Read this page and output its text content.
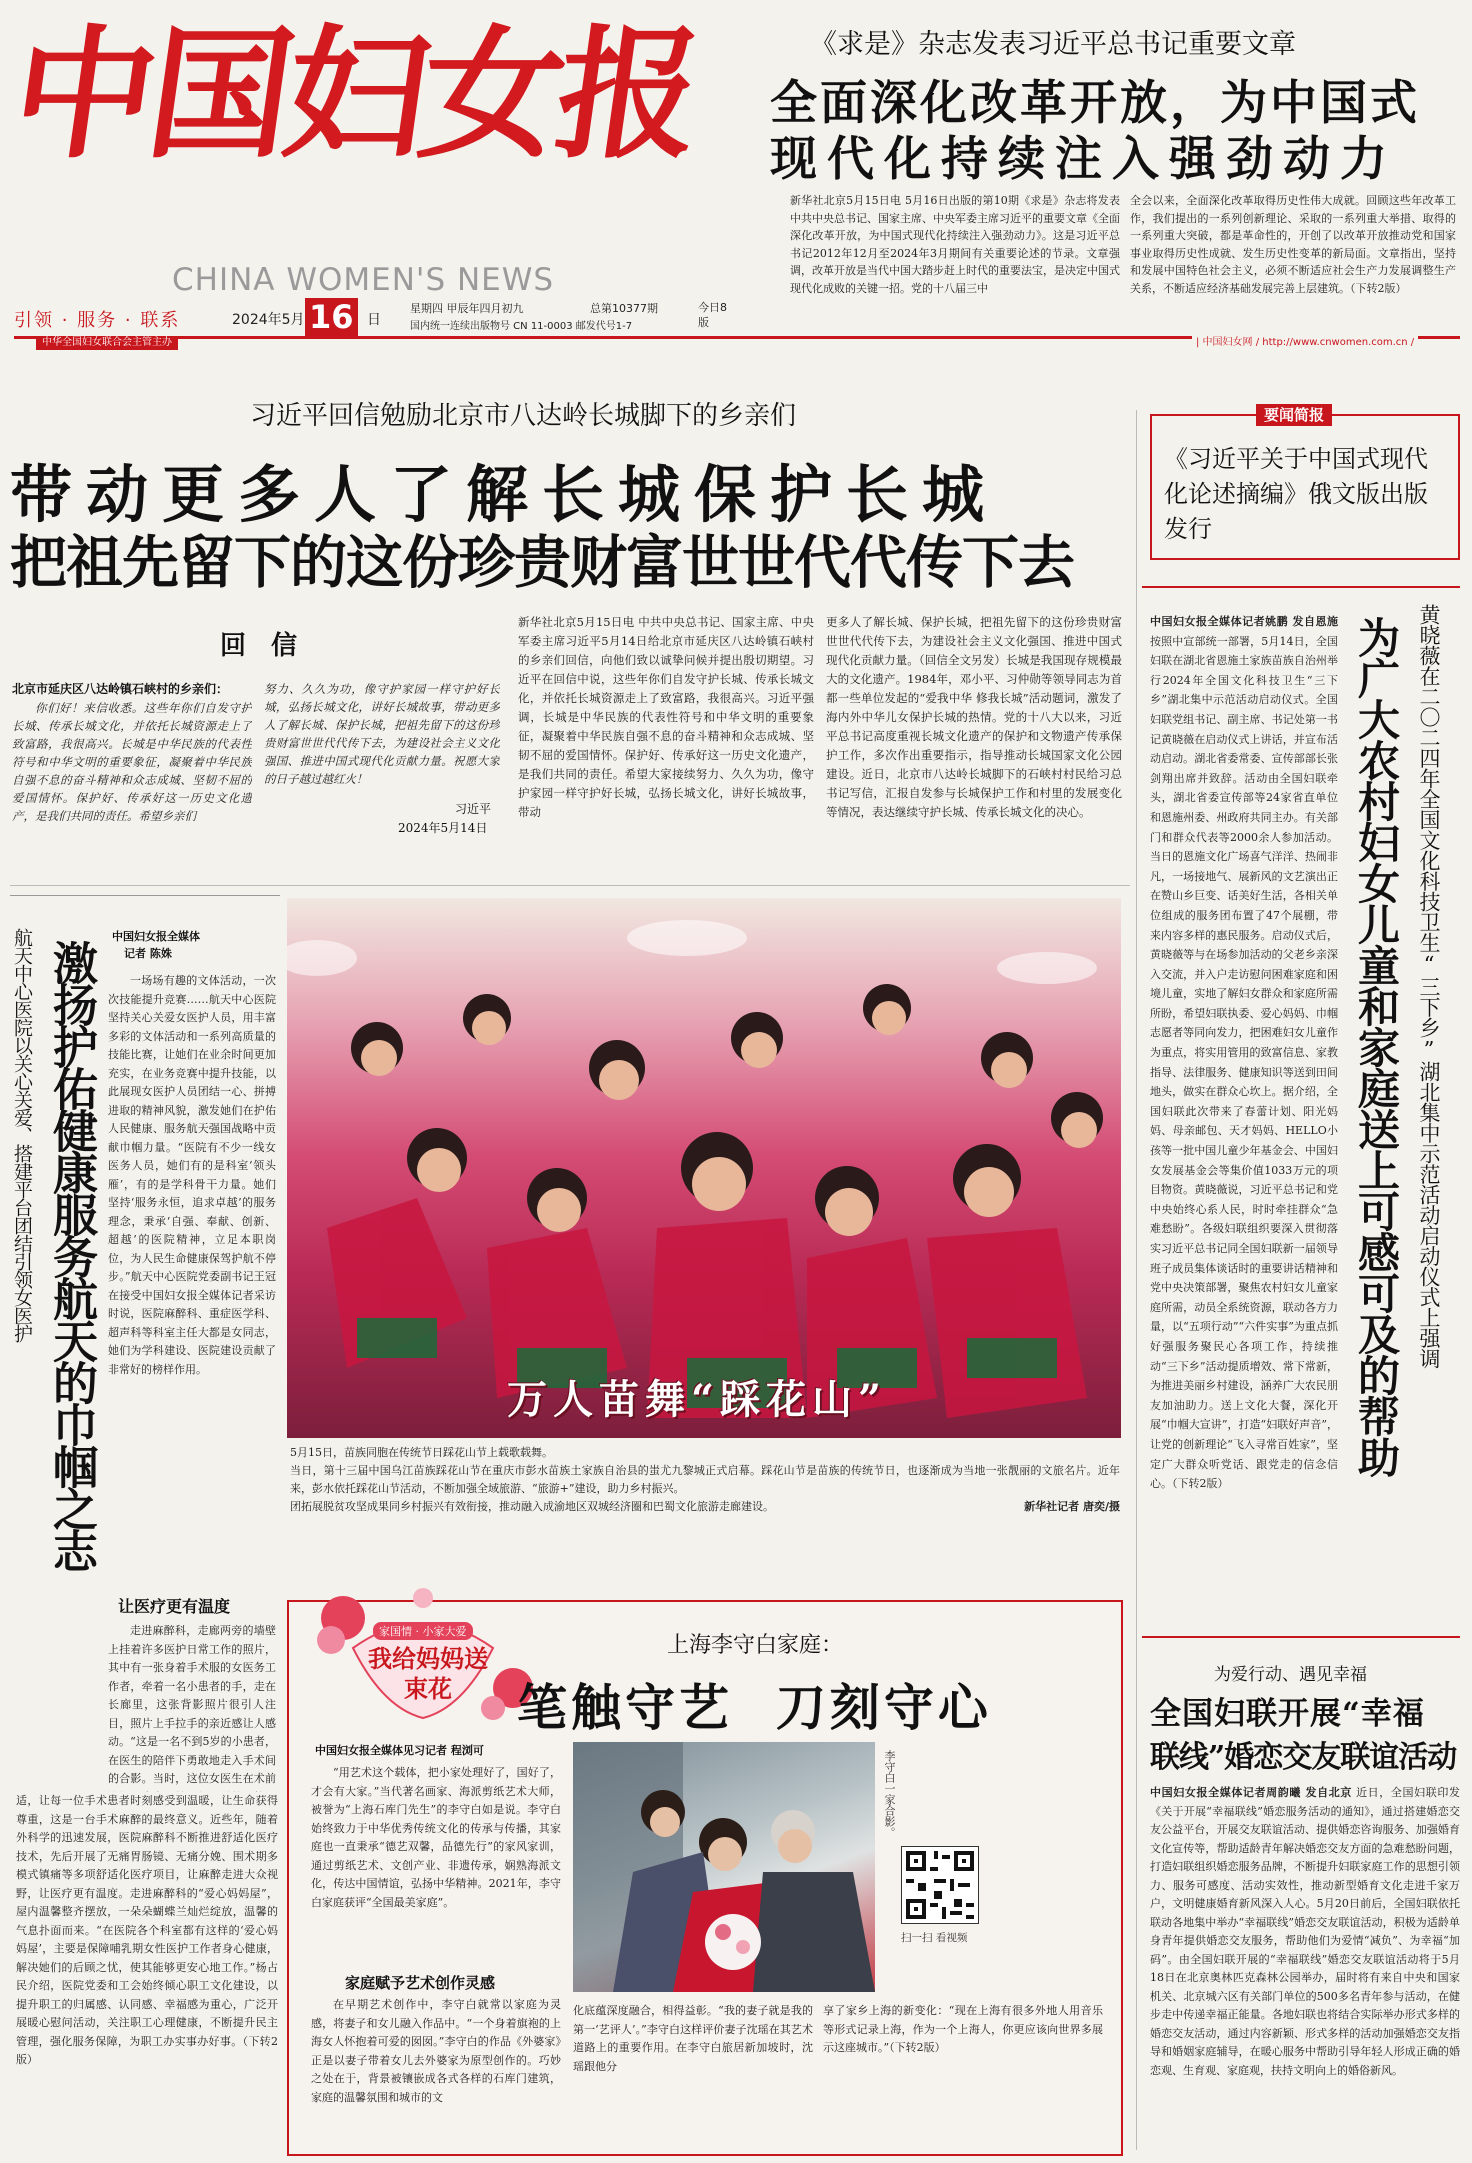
中国妇女报
CHINA WOMEN'S NEWS
引领 · 服务 · 联系	2024年5月 16 日
星期四 甲辰年四月初九	总第10377期
国内统一连续出版物号 CN 11-0003 邮发代号1-7
今日8版
中华全国妇女联合会主管主办	| 中国妇女网 / http://www.cnwomen.com.cn /
《求是》杂志发表习近平总书记重要文章
全面深化改革开放，为中国式
现代化持续注入强劲动力
新华社北京5月15日电 5月16日出版的第10期《求是》杂志将发表中共中央总书记、国家主席、中央军委主席习近平的重要文章《全面深化改革开放，为中国式现代化持续注入强劲动力》。这是习近平总书记2012年12月至2024年3月期间有关重要论述的节录。文章强调，改革开放是当代中国大踏步赶上时代的重要法宝，是决定中国式现代化成败的关键一招。党的十八届三中
全会以来，全面深化改革取得历史性伟大成就。回顾这些年改革工作，我们提出的一系列创新理论、采取的一系列重大举措、取得的一系列重大突破，都是革命性的，开创了以改革开放推动党和国家事业取得历史性成就、发生历史性变革的新局面。文章指出，坚持和发展中国特色社会主义，必须不断适应社会生产力发展调整生产关系，不断适应经济基础发展完善上层建筑。（下转2版）
习近平回信勉励北京市八达岭长城脚下的乡亲们
带动更多人了解长城保护长城
把祖先留下的这份珍贵财富世世代代传下去
回 信
北京市延庆区八达岭镇石峡村的乡亲们：
你们好！来信收悉。这些年你们自发守护长城、传承长城文化，并依托长城资源走上了致富路，我很高兴。长城是中华民族的代表性符号和中华文明的重要象征，凝聚着中华民族自强不息的奋斗精神和众志成城、坚韧不屈的爱国情怀。保护好、传承好这一历史文化遗产，是我们共同的责任。希望乡亲们
努力、久久为功，像守护家园一样守护好长城，弘扬长城文化，讲好长城故事，带动更多人了解长城、保护长城，把祖先留下的这份珍贵财富世世代代传下去，为建设社会主义文化强国、推进中国式现代化贡献力量。祝愿大家的日子越过越红火！
习近平
2024年5月14日
新华社北京5月15日电 中共中央总书记、国家主席、中央军委主席习近平5月14日给北京市延庆区八达岭镇石峡村的乡亲们回信，向他们致以诚挚问候并提出殷切期望。习近平在回信中说，这些年你们自发守护长城、传承长城文化，并依托长城资源走上了致富路，我很高兴。习近平强调，长城是中华民族的代表性符号和中华文明的重要象征，凝聚着中华民族自强不息的奋斗精神和众志成城、坚韧不屈的爱国情怀。保护好、传承好这一历史文化遗产，是我们共同的责任。希望大家接续努力、久久为功，像守护家园一样守护好长城，弘扬长城文化，讲好长城故事，带动
更多人了解长城、保护长城，把祖先留下的这份珍贵财富世世代代传下去，为建设社会主义文化强国、推进中国式现代化贡献力量。（回信全文另发）长城是我国现存规模最大的文化遗产。1984年，邓小平、习仲勋等领导同志为首都一些单位发起的“爱我中华 修我长城”活动题词，激发了海内外中华儿女保护长城的热情。党的十八大以来，习近平总书记高度重视长城文化遗产的保护和文物遗产传承保护工作，多次作出重要指示，指导推动长城国家文化公园建设。近日，北京市八达岭长城脚下的石峡村村民给习总书记写信，汇报自发参与长城保护工作和村里的发展变化等情况，表达继续守护长城、传承长城文化的决心。
要闻简报
《习近平关于中国式现代化论述摘编》俄文版出版发行
中国妇女报全媒体记者姚鹏 发自恩施 按照中宣部统一部署，5月14日，全国妇联在湖北省恩施土家族苗族自治州举行2024年全国文化科技卫生“三下乡”湖北集中示范活动启动仪式。全国妇联党组书记、副主席、书记处第一书记黄晓薇在启动仪式上讲话，并宣布活动启动。湖北省委常委、宣传部部长张剑翔出席并致辞。活动由全国妇联牵头，湖北省委宣传部等24家省直单位和恩施州委、州政府共同主办。有关部门和群众代表等2000余人参加活动。当日的恩施文化广场喜气洋洋、热闹非凡，一场接地气、展新风的文艺演出正在赞山乡巨变、话美好生活，各相关单位组成的服务团布置了47个展棚，带来内容多样的惠民服务。启动仪式后，黄晓薇等与在场参加活动的父老乡亲深入交流，并入户走访慰问困难家庭和困境儿童，实地了解妇女群众和家庭所需所盼，希望妇联执委、爱心妈妈、巾帼志愿者等同向发力，把困难妇女儿童作为重点，将实用管用的致富信息、家教指导、法律服务、健康知识等送到田间地头，做实在群众心坎上。据介绍，全国妇联此次带来了春蕾计划、阳光妈妈、母亲邮包、天才妈妈、HELLO小孩等一批中国儿童少年基金会、中国妇女发展基金会等集价值1033万元的项目物资。黄晓薇说，习近平总书记和党中央始终心系人民，时时牵挂群众“急难愁盼”。各级妇联组织要深入贯彻落实习近平总书记同全国妇联新一届领导班子成员集体谈话时的重要讲话精神和党中央决策部署，聚焦农村妇女儿童家庭所需，动员全系统资源，联动各方力量，以“五项行动”“六件实事”为重点抓好强服务聚民心各项工作，持续推动“三下乡”活动提质增效、常下常新，为推进美丽乡村建设，涵养广大农民朋友加油助力。送上文化大餐，深化开展“巾帼大宣讲”，打造“妇联好声音”，让党的创新理论“飞入寻常百姓家”，坚定广大群众听党话、跟党走的信念信心。（下转2版）
为广大农村妇女儿童和家庭送上可感可及的帮助 黄晓薇在二〇二四年全国文化科技卫生“三下乡”湖北集中示范活动启动仪式上强调
航天中心医院以关心关爱、搭建平台团结引领女医护 激扬护佑健康服务航天的巾帼之志
中国妇女报全媒体
记者 陈姝
一场场有趣的文体活动，一次次技能提升竞赛……航天中心医院坚持关心关爱女医护人员，用丰富多彩的文体活动和一系列高质量的技能比赛，让她们在业余时间更加充实，在业务竞赛中提升技能，以此展现女医护人员团结一心、拼搏进取的精神风貌，激发她们在护佑人民健康、服务航天强国战略中贡献巾帼力量。“医院有不少一线女医务人员，她们有的是科室‘领头雁’，有的是学科骨干力量。她们坚持‘服务永恒，追求卓越’的服务理念，秉承‘自强、奉献、创新、超越’的医院精神，立足本职岗位，为人民生命健康保驾护航不停步。”航天中心医院党委副书记王冠在接受中国妇女报全媒体记者采访时说，医院麻醉科、重症医学科、超声科等科室主任大都是女同志，她们为学科建设、医院建设贡献了非常好的榜样作用。
让医疗更有温度
走进麻醉科，走廊两旁的墙壁上挂着许多医护日常工作的照片，其中有一张身着手术服的女医务工作者，牵着一名小患者的手，走在长廊里，这张背影照片很引人注目，照片上手拉手的亲近感让人感动。“这是一名不到5岁的小患者，在医生的陪伴下勇敢地走入手术间的合影。当时，这位女医生在术前
适，让每一位手术患者时刻感受到温暖，让生命获得尊重，这是一台手术麻醉的最终意义。近些年，随着外科学的迅速发展，医院麻醉科不断推进舒适化医疗技术，先后开展了无痛胃肠镜、无痛分娩、围术期多模式镇痛等多项舒适化医疗项目，让麻醉走进大众视野，让医疗更有温度。走进麻醉科的“爱心妈妈屋”，屋内温馨整齐摆放，一朵朵蝴蝶兰灿烂绽放，温馨的气息扑面而来。“在医院各个科室都有这样的‘爱心妈妈屋’，主要是保障哺乳期女性医护工作者身心健康，解决她们的后顾之忧，使其能够更安心地工作。”杨占民介绍，医院党委和工会始终倾心职工文化建设，以提升职工的归属感、认同感、幸福感为重心，广泛开展暖心慰问活动，关注职工心理健康，不断提升民主管理，强化服务保障，为职工办实事办好事。（下转2版）
万人苗舞“踩花山”
5月15日，苗族同胞在传统节日踩花山节上载歌载舞。
当日，第十三届中国乌江苗族踩花山节在重庆市彭水苗族土家族自治县的蚩尤九黎城正式启幕。踩花山节是苗族的传统节日，也逐渐成为当地一张靓丽的文旅名片。近年来，彭水依托踩花山节活动，不断加强全域旅游、“旅游+”建设，助力乡村振兴。
团拓展脱贫攻坚成果同乡村振兴有效衔接，推动融入成渝地区双城经济圈和巴蜀文化旅游走廊建设。	新华社记者 唐奕/摄
家国情 · 小家大爱
我给妈妈送束花
上海李守白家庭：
笔触守艺  刀刻守心
中国妇女报全媒体见习记者 程浏可
“用艺术这个载体，把小家处理好了，国好了，才会有大家。”当代著名画家、海派剪纸艺术大师，被誉为“上海石库门先生”的李守白如是说。李守白始终致力于中华优秀传统文化的传承与传播，其家庭也一直秉承“德艺双馨，品德先行”的家风家训，通过剪纸艺术、文创产业、非遗传承，娴熟海派文化，传达中国情谊，弘扬中华精神。2021年，李守白家庭获评“全国最美家庭”。
家庭赋予艺术创作灵感
在早期艺术创作中，李守白就常以家庭为灵感，将妻子和女儿融入作品中。“一个身着旗袍的上海女人怀抱着可爱的囡囡。”李守白的作品《外婆家》正是以妻子带着女儿去外婆家为原型创作的。巧妙之处在于，背景被镶嵌成各式各样的石库门建筑，家庭的温馨氛围和城市的文
李守白一家合影。
扫一扫 看视频
化底蕴深度融合，相得益彰。“我的妻子就是我的第一‘艺评人’。”李守白这样评价妻子沈瑶在其艺术道路上的重要作用。在李守白旅居新加坡时，沈瑶跟他分
享了家乡上海的新变化：“现在上海有很多外地人用音乐等形式记录上海，作为一个上海人，你更应该向世界多展示这座城市。”（下转2版）
为爱行动、遇见幸福
全国妇联开展“幸福
联线”婚恋交友联谊活动
中国妇女报全媒体记者周韵曦 发自北京 近日，全国妇联印发《关于开展“幸福联线”婚恋服务活动的通知》，通过搭建婚恋交友公益平台，开展交友联谊活动、提供婚恋咨询服务、加强婚育文化宣传等，帮助适龄青年解决婚恋交友方面的急难愁盼问题，打造妇联组织婚恋服务品牌，不断提升妇联家庭工作的思想引领力、服务可感度、活动实效性，推动新型婚育文化走进千家万户，文明健康婚育新风深入人心。5月20日前后，全国妇联依托联动各地集中举办“幸福联线”婚恋交友联谊活动，积极为适龄单身青年提供婚恋交友服务，帮助他们为爱情“减负”、为幸福“加码”。由全国妇联开展的“幸福联线”婚恋交友联谊活动将于5月18日在北京奥林匹克森林公园举办，届时将有来自中央和国家机关、北京城六区有关部门单位的500多名青年参与活动，在健步走中传递幸福正能量。各地妇联也将结合实际举办形式多样的婚恋交友活动，通过内容新颖、形式多样的活动加强婚恋交友指导和婚姻家庭辅导，在暖心服务中帮助引导年轻人形成正确的婚恋观、生育观、家庭观，扶持文明向上的婚俗新风。
